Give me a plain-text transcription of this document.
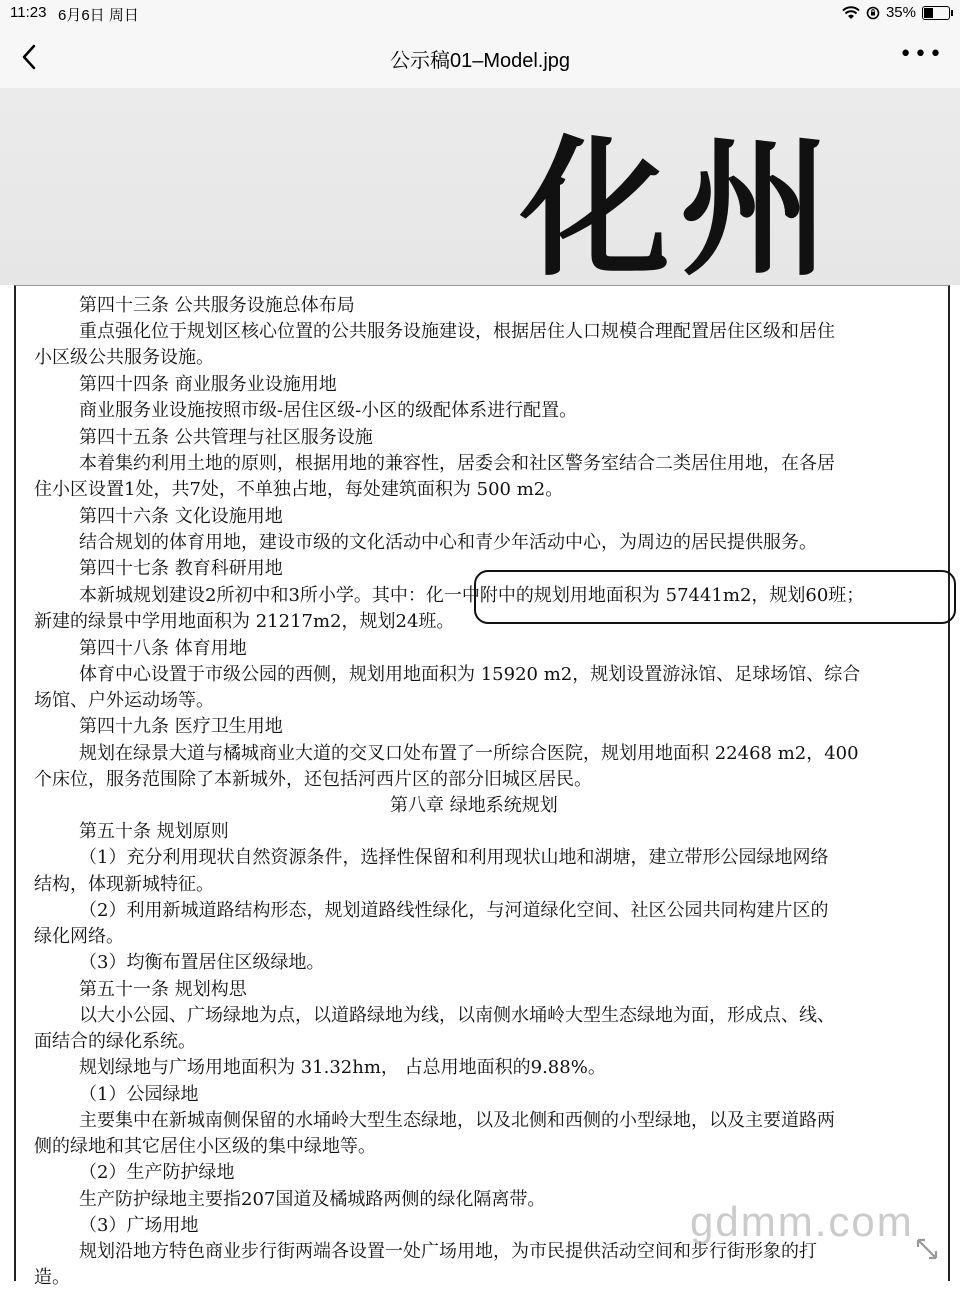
11:23 6月6日 周日	35%
公示稿01–Model.jpg	•••
化州
第四十三条 公共服务设施总体布局
重点强化位于规划区核心位置的公共服务设施建设，根据居住人口规模合理配置居住区级和居住
小区级公共服务设施。
第四十四条 商业服务业设施用地
商业服务业设施按照市级-居住区级-小区的级配体系进行配置。
第四十五条 公共管理与社区服务设施
本着集约利用土地的原则，根据用地的兼容性，居委会和社区警务室结合二类居住用地，在各居
住小区设置1处，共7处，不单独占地，每处建筑面积为 500 m2。
第四十六条 文化设施用地
结合规划的体育用地，建设市级的文化活动中心和青少年活动中心，为周边的居民提供服务。
第四十七条 教育科研用地
本新城规划建设2所初中和3所小学。其中：化一中附中的规划用地面积为 57441m2，规划60班；
新建的绿景中学用地面积为 21217m2，规划24班。
第四十八条 体育用地
体育中心设置于市级公园的西侧，规划用地面积为 15920 m2，规划设置游泳馆、足球场馆、综合
场馆、户外运动场等。
第四十九条 医疗卫生用地
规划在绿景大道与橘城商业大道的交叉口处布置了一所综合医院，规划用地面积 22468 m2，400
个床位，服务范围除了本新城外，还包括河西片区的部分旧城区居民。
第八章 绿地系统规划
第五十条 规划原则
（1）充分利用现状自然资源条件，选择性保留和利用现状山地和湖塘，建立带形公园绿地网络
结构，体现新城特征。
（2）利用新城道路结构形态，规划道路线性绿化，与河道绿化空间、社区公园共同构建片区的
绿化网络。
（3）均衡布置居住区级绿地。
第五十一条 规划构思
以大小公园、广场绿地为点，以道路绿地为线，以南侧水埇岭大型生态绿地为面，形成点、线、
面结合的绿化系统。
规划绿地与广场用地面积为 31.32hm， 占总用地面积的9.88%。
（1）公园绿地
主要集中在新城南侧保留的水埇岭大型生态绿地，以及北侧和西侧的小型绿地，以及主要道路两
侧的绿地和其它居住小区级的集中绿地等。
（2）生产防护绿地
生产防护绿地主要指207国道及橘城路两侧的绿化隔离带。
（3）广场用地
规划沿地方特色商业步行街两端各设置一处广场用地，为市民提供活动空间和步行街形象的打
造。
gdmm.com
